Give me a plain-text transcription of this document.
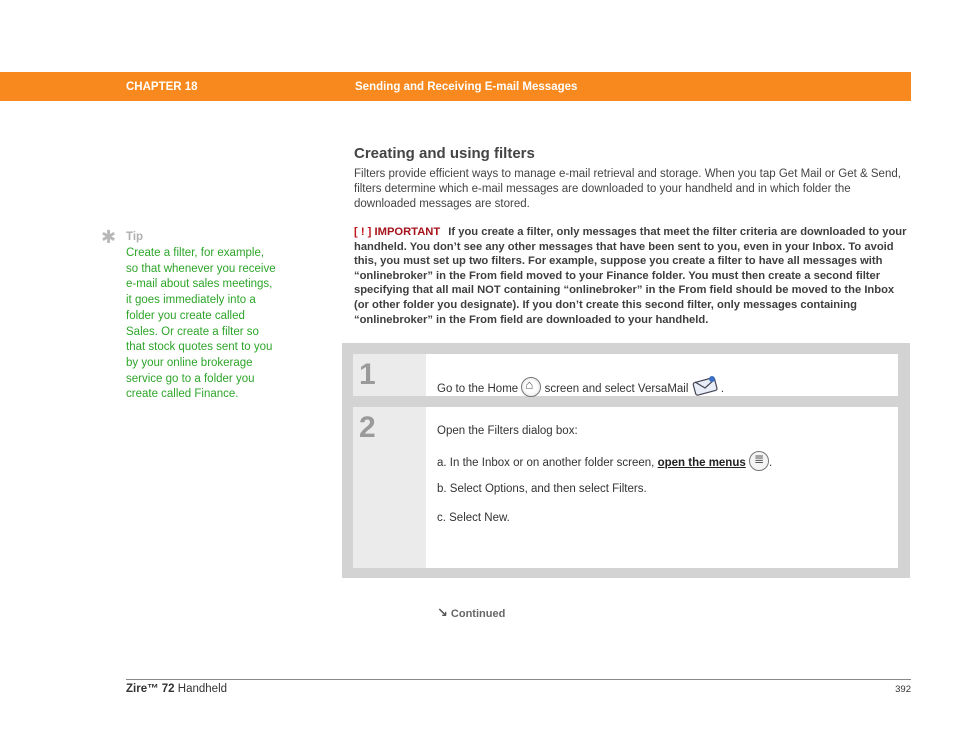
CHAPTER 18	Sending and Receiving E-mail Messages
✱ Tip
Create a filter, for example, so that whenever you receive e-mail about sales meetings, it goes immediately into a folder you create called Sales. Or create a filter so that stock quotes sent to you by your online brokerage service go to a folder you create called Finance.
Creating and using filters

Filters provide efficient ways to manage e-mail retrieval and storage. When you tap Get Mail or Get & Send, filters determine which e-mail messages are downloaded to your handheld and in which folder the downloaded messages are stored.

[ ! ] IMPORTANT If you create a filter, only messages that meet the filter criteria are downloaded to your handheld. You don’t see any other messages that have been sent to you, even in your Inbox. To avoid this, you must set up two filters. For example, suppose you create a filter to have all messages with “onlinebroker” in the From field moved to your Finance folder. You must then create a second filter specifying that all mail NOT containing “onlinebroker” in the From field should be moved to the Inbox (or other folder you designate). If you don’t create this second filter, only messages containing “onlinebroker” in the From field are downloaded to your handheld.
1	Go to the Home ⌂ screen and select VersaMail	.
2	Open the Filters dialog box:
a. In the Inbox or on another folder screen, open the menus ≣ .
b. Select Options, and then select Filters.
c. Select New.
↘ Continued
Zire™ 72 Handheld	392
